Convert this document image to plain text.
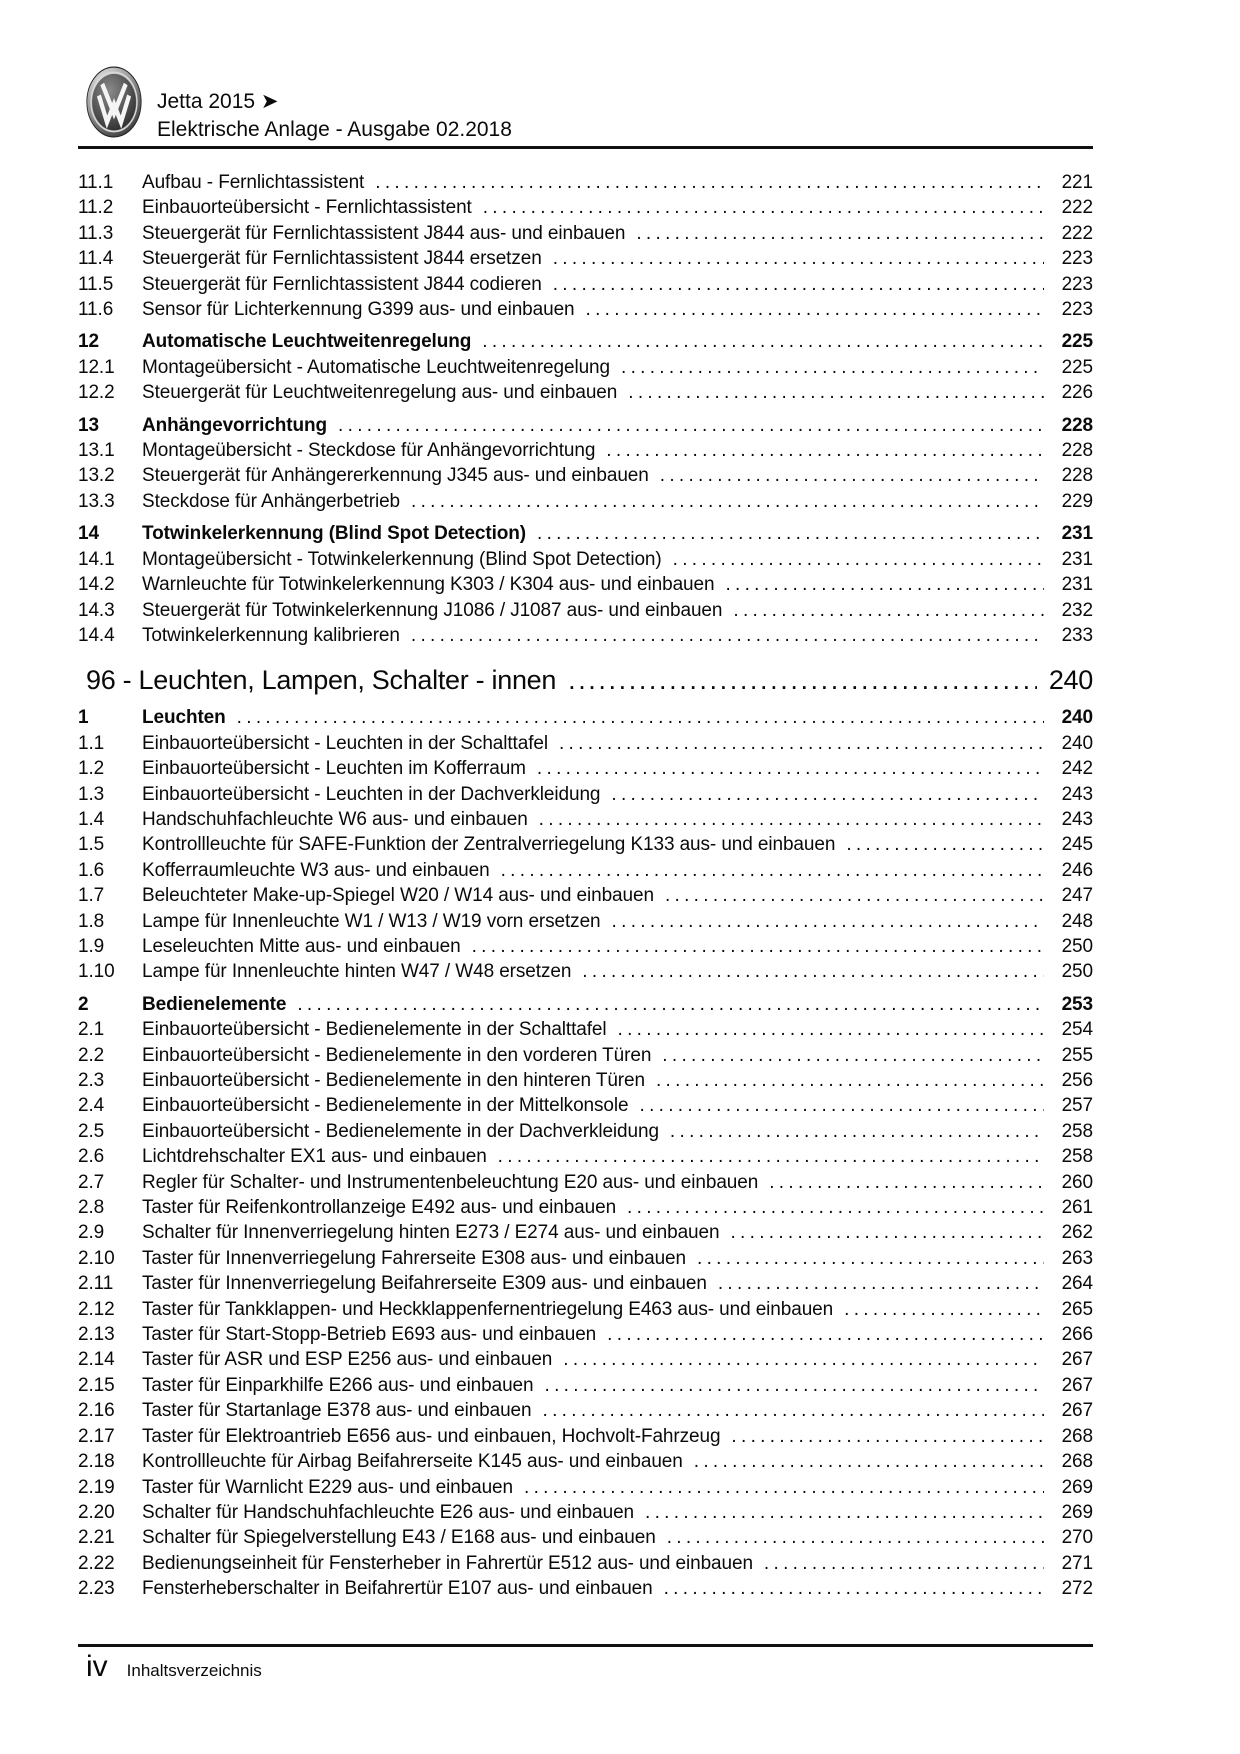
Jetta 2015 ➤
Elektrische Anlage - Ausgabe 02.2018
11.1	Aufbau - Fernlichtassistent .....	221
11.2	Einbauorteübersicht - Fernlichtassistent .....	222
11.3	Steuergerät für Fernlichtassistent J844 aus- und einbauen .....	222
11.4	Steuergerät für Fernlichtassistent J844 ersetzen .....	223
11.5	Steuergerät für Fernlichtassistent J844 codieren .....	223
11.6	Sensor für Lichterkennung G399 aus- und einbauen .....	223
12	Automatische Leuchtweitenregelung .....	225
12.1	Montageübersicht - Automatische Leuchtweitenregelung .....	225
12.2	Steuergerät für Leuchtweitenregelung aus- und einbauen .....	226
13	Anhängevorrichtung .....	228
13.1	Montageübersicht - Steckdose für Anhängevorrichtung .....	228
13.2	Steuergerät für Anhängererkennung J345 aus- und einbauen .....	228
13.3	Steckdose für Anhängerbetrieb .....	229
14	Totwinkelerkennung (Blind Spot Detection) .....	231
14.1	Montageübersicht - Totwinkelerkennung (Blind Spot Detection) .....	231
14.2	Warnleuchte für Totwinkelerkennung K303 / K304 aus- und einbauen .....	231
14.3	Steuergerät für Totwinkelerkennung J1086 / J1087 aus- und einbauen .....	232
14.4	Totwinkelerkennung kalibrieren .....	233
96 - Leuchten, Lampen, Schalter - innen .....	240
1	Leuchten .....	240
1.1	Einbauorteübersicht - Leuchten in der Schalttafel .....	240
1.2	Einbauorteübersicht - Leuchten im Kofferraum .....	242
1.3	Einbauorteübersicht - Leuchten in der Dachverkleidung .....	243
1.4	Handschuhfachleuchte W6 aus- und einbauen .....	243
1.5	Kontrollleuchte für SAFE-Funktion der Zentralverriegelung K133 aus- und einbauen .....	245
1.6	Kofferraumleuchte W3 aus- und einbauen .....	246
1.7	Beleuchteter Make-up-Spiegel W20 / W14 aus- und einbauen .....	247
1.8	Lampe für Innenleuchte W1 / W13 / W19 vorn ersetzen .....	248
1.9	Leseleuchten Mitte aus- und einbauen .....	250
1.10	Lampe für Innenleuchte hinten W47 / W48 ersetzen .....	250
2	Bedienelemente .....	253
2.1	Einbauorteübersicht - Bedienelemente in der Schalttafel .....	254
2.2	Einbauorteübersicht - Bedienelemente in den vorderen Türen .....	255
2.3	Einbauorteübersicht - Bedienelemente in den hinteren Türen .....	256
2.4	Einbauorteübersicht - Bedienelemente in der Mittelkonsole .....	257
2.5	Einbauorteübersicht - Bedienelemente in der Dachverkleidung .....	258
2.6	Lichtdrehschalter EX1 aus- und einbauen .....	258
2.7	Regler für Schalter- und Instrumentenbeleuchtung E20 aus- und einbauen .....	260
2.8	Taster für Reifenkontrollanzeige E492 aus- und einbauen .....	261
2.9	Schalter für Innenverriegelung hinten E273 / E274 aus- und einbauen .....	262
2.10	Taster für Innenverriegelung Fahrerseite E308 aus- und einbauen .....	263
2.11	Taster für Innenverriegelung Beifahrerseite E309 aus- und einbauen .....	264
2.12	Taster für Tankklappen- und Heckklappenfernentriegelung E463 aus- und einbauen .....	265
2.13	Taster für Start-Stopp-Betrieb E693 aus- und einbauen .....	266
2.14	Taster für ASR und ESP E256 aus- und einbauen .....	267
2.15	Taster für Einparkhilfe E266 aus- und einbauen .....	267
2.16	Taster für Startanlage E378 aus- und einbauen .....	267
2.17	Taster für Elektroantrieb E656 aus- und einbauen, Hochvolt-Fahrzeug .....	268
2.18	Kontrollleuchte für Airbag Beifahrerseite K145 aus- und einbauen .....	268
2.19	Taster für Warnlicht E229 aus- und einbauen .....	269
2.20	Schalter für Handschuhfachleuchte E26 aus- und einbauen .....	269
2.21	Schalter für Spiegelverstellung E43 / E168 aus- und einbauen .....	270
2.22	Bedienungseinheit für Fensterheber in Fahrertür E512 aus- und einbauen .....	271
2.23	Fensterheberschalter in Beifahrertür E107 aus- und einbauen .....	272
iv Inhaltsverzeichnis
